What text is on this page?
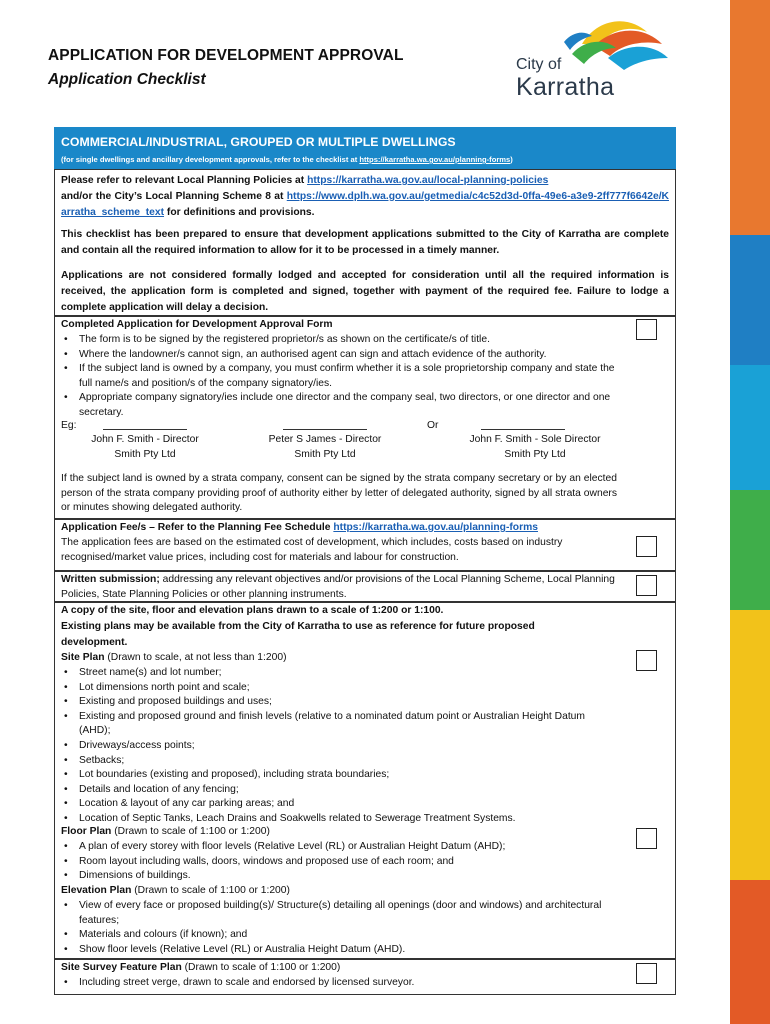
APPLICATION FOR DEVELOPMENT APPROVAL
Application Checklist
City of
Karratha
COMMERCIAL/INDUSTRIAL, GROUPED OR MULTIPLE DWELLINGS
(for single dwellings and ancillary development approvals, refer to the checklist at https://karratha.wa.gov.au/planning-forms)

Please refer to relevant Local Planning Policies at https://karratha.wa.gov.au/local-planning-policies
and/or the City’s Local Planning Scheme 8 at https://www.dplh.wa.gov.au/getmedia/c4c52d3d-0ffa-49e6-a3e9-2ff777f6642e/Karratha_scheme_text for definitions and provisions.

This checklist has been prepared to ensure that development applications submitted to the City of Karratha are complete and contain all the required information to allow for it to be processed in a timely manner.

Applications are not considered formally lodged and accepted for consideration until all the required information is received, the application form is completed and signed, together with payment of the required fee. Failure to lodge a complete application will delay a decision.

Completed Application for Development Approval Form
• The form is to be signed by the registered proprietor/s as shown on the certificate/s of title.
• Where the landowner/s cannot sign, an authorised agent can sign and attach evidence of the authority.
• If the subject land is owned by a company, you must confirm whether it is a sole proprietorship company and state the full name/s and position/s of the company signatory/ies.
• Appropriate company signatory/ies include one director and the company seal, two directors, or one director and one secretary.
Eg:	Or
John F. Smith - Director
Smith Pty Ltd
Peter S James - Director
Smith Pty Ltd
John F. Smith - Sole Director
Smith Pty Ltd
If the subject land is owned by a strata company, consent can be signed by the strata company secretary or by an elected person of the strata company providing proof of authority either by letter of delegated authority, signed by all strata owners or minutes showing delegated authority.
Application Fee/s – Refer to the Planning Fee Schedule https://karratha.wa.gov.au/planning-forms
The application fees are based on the estimated cost of development, which includes, costs based on industry recognised/market value prices, including cost for materials and labour for construction.
Written submission; addressing any relevant objectives and/or provisions of the Local Planning Scheme, Local Planning Policies, State Planning Policies or other planning instruments.
A copy of the site, floor and elevation plans drawn to a scale of 1:200 or 1:100.
Existing plans may be available from the City of Karratha to use as reference for future proposed development.
Site Plan (Drawn to scale, at not less than 1:200)
• Street name(s) and lot number;
• Lot dimensions north point and scale;
• Existing and proposed buildings and uses;
• Existing and proposed ground and finish levels (relative to a nominated datum point or Australian Height Datum (AHD);
• Driveways/access points;
• Setbacks;
• Lot boundaries (existing and proposed), including strata boundaries;
• Details and location of any fencing;
• Location & layout of any car parking areas; and
• Location of Septic Tanks, Leach Drains and Soakwells related to Sewerage Treatment Systems.
Floor Plan (Drawn to scale of 1:100 or 1:200)
• A plan of every storey with floor levels (Relative Level (RL) or Australian Height Datum (AHD);
• Room layout including walls, doors, windows and proposed use of each room; and
• Dimensions of buildings.
Elevation Plan (Drawn to scale of 1:100 or 1:200)
• View of every face or proposed building(s)/ Structure(s) detailing all openings (door and windows) and architectural features;
• Materials and colours (if known); and
• Show floor levels (Relative Level (RL) or Australia Height Datum (AHD).
Site Survey Feature Plan (Drawn to scale of 1:100 or 1:200)
• Including street verge, drawn to scale and endorsed by licensed surveyor.
